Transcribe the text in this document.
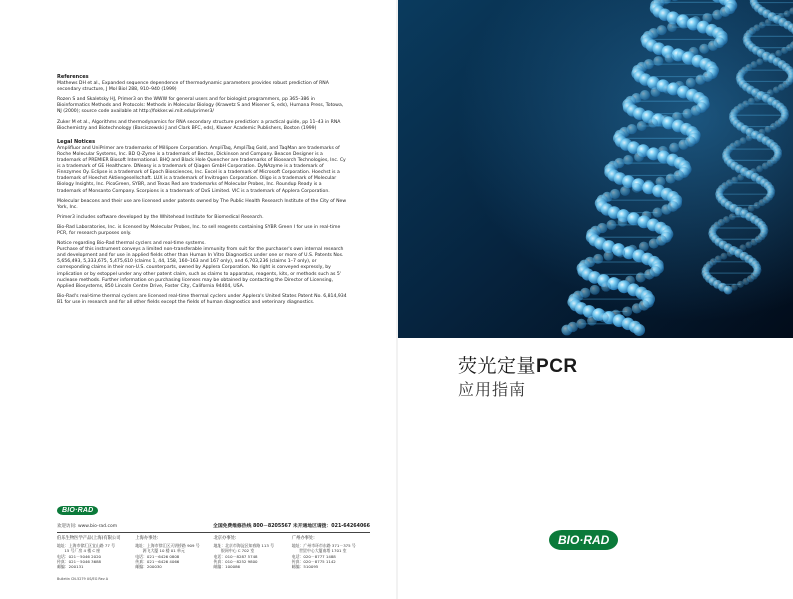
References

Mathews DH et al., Expanded sequence dependence of thermodynamic parameters provides robust prediction of RNA secondary structure, J Mol Biol 288, 910–940 (1999)

Rozen S and Skaletsky HJ, Primer3 on the WWW for general users and for biologist programmers, pp 365–386 in Bioinformatics Methods and Protocols: Methods in Molecular Biology (Krawetz S and Misener S, eds), Humana Press, Totowa, NJ (2000); source code available at http://fokker.wi.mit.edu/primer3/

Zuker M et al., Algorithms and thermodynamics for RNA secondary structure prediction: a practical guide, pp 11–43 in RNA Biochemistry and Biotechnology (Barciszewski J and Clark BFC, eds), Kluwer Academic Publishers, Boston (1999)

Legal Notices

Amplifluor and UniPrimer are trademarks of Millipore Corporation. AmpliTaq, AmpliTaq Gold, and TaqMan are trademarks of Roche Molecular Systems, Inc. BD Q-Zyme is a trademark of Becton, Dickinson and Company. Beacon Designer is a trademark of PREMIER Biosoft International. BHQ and Black Hole Quencher are trademarks of Biosearch Technologies, Inc. Cy is a trademark of GE Healthcare. DNeasy is a trademark of Qiagen GmbH Corporation. DyNAzyme is a trademark of Finnzymes Oy. Eclipse is a trademark of Epoch Biosciences, Inc. Excel is a trademark of Microsoft Corporation. Hoechst is a trademark of Hoechst Aktiengesellschaft. LUX is a trademark of Invitrogen Corporation. Oligo is a trademark of Molecular Biology Insights, Inc. PicoGreen, SYBR, and Texas Red are trademarks of Molecular Probes, Inc. Roundup Ready is a trademark of Monsanto Company. Scorpions is a trademark of DxS Limited. VIC is a trademark of Applera Corporation.

Molecular beacons and their use are licensed under patents owned by The Public Health Research Institute of the City of New York, Inc.

Primer3 includes software developed by the Whitehead Institute for Biomedical Research.

Bio-Rad Laboratories, Inc. is licensed by Molecular Probes, Inc. to sell reagents containing SYBR Green I for use in real-time PCR, for research purposes only.

Notice regarding Bio-Rad thermal cyclers and real-time systems.
Purchase of this instrument conveys a limited non-transferable immunity from suit for the purchaser's own internal research and development and for use in applied fields other than Human In Vitro Diagnostics under one or more of U.S. Patents Nos. 5,656,493, 5,333,675, 5,475,610 (claims 1, 44, 158, 160–163 and 167 only), and 6,703,236 (claims 1–7 only), or corresponding claims in their non-U.S. counterparts, owned by Applera Corporation. No right is conveyed expressly, by implication or by estoppel under any other patent claim, such as claims to apparatus, reagents, kits, or methods such as 5' nuclease methods. Further information on purchasing licenses may be obtained by contacting the Director of Licensing, Applied Biosystems, 850 Lincoln Centre Drive, Foster City, California 94404, USA.

Bio-Rad's real-time thermal cyclers are licensed real-time thermal cyclers under Applera's United States Patent No. 6,814,934 B1 for use in research and for all other fields except the fields of human diagnostics and veterinary diagnostics.

BIO·RAD
欢迎访问: www.bio-rad.com	全国免费维修热线 800－8205567 未开通地区请拨：021-64264066
伯乐生物医学产品(上海)有限公司
地址：上海市徐汇区宜山路 77 号
15 号厂房 4 楼 C 座
电话：021－5046 2020
传真：021－5046 3688
邮编：200131
上海办事处:
地址：上海市徐汇区天钥桥路 909 号
源飞大厦 10 楼 01 单元
电话：021－6426 0808
传真：021－6426 4066
邮编：200030
北京办事处:
地址：北京市海淀区知春路 113 号
银网中心 C 702 室
电话：010－8287 5748
传真：010－8252 9800
邮编：100086
广州办事处:
地址：广州市环市东路 371－375 号
世贸中心大厦南塔 1701 室
电话：020－8777 1488
传真：020－8775 1142
邮编：510095
Bulletin CN-5279 US/EG Rev A
荧光定量PCR
应用指南
BIO·RAD
